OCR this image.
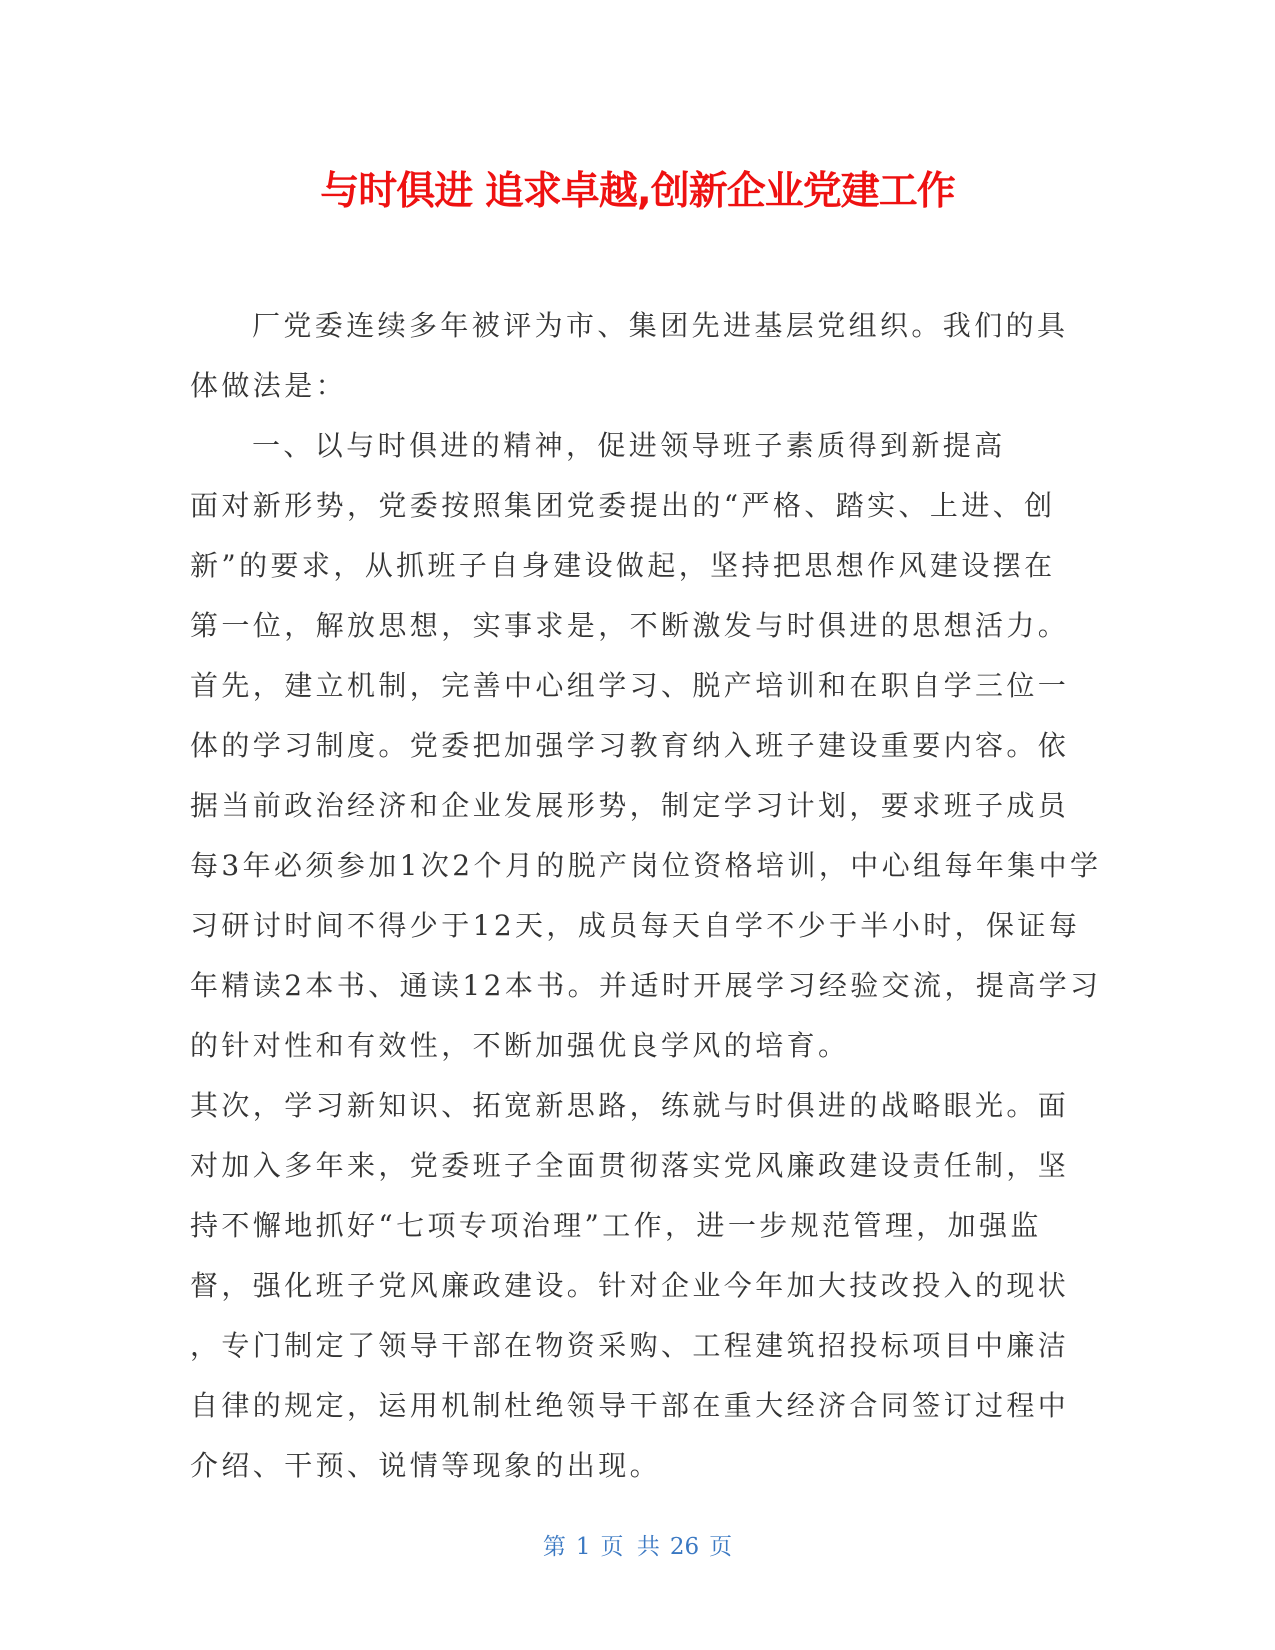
与时俱进 追求卓越,创新企业党建工作
厂党委连续多年被评为市、集团先进基层党组织。我们的具
体做法是：
一、以与时俱进的精神，促进领导班子素质得到新提高
面对新形势，党委按照集团党委提出的“严格、踏实、上进、创
新”的要求，从抓班子自身建设做起，坚持把思想作风建设摆在
第一位，解放思想，实事求是，不断激发与时俱进的思想活力。
首先，建立机制，完善中心组学习、脱产培训和在职自学三位一
体的学习制度。党委把加强学习教育纳入班子建设重要内容。依
据当前政治经济和企业发展形势，制定学习计划，要求班子成员
每3年必须参加1次2个月的脱产岗位资格培训，中心组每年集中学
习研讨时间不得少于12天，成员每天自学不少于半小时，保证每
年精读2本书、通读12本书。并适时开展学习经验交流，提高学习
的针对性和有效性，不断加强优良学风的培育。
其次，学习新知识、拓宽新思路，练就与时俱进的战略眼光。面
对加入多年来，党委班子全面贯彻落实党风廉政建设责任制，坚
持不懈地抓好“七项专项治理”工作，进一步规范管理，加强监
督，强化班子党风廉政建设。针对企业今年加大技改投入的现状
，专门制定了领导干部在物资采购、工程建筑招投标项目中廉洁
自律的规定，运用机制杜绝领导干部在重大经济合同签订过程中
介绍、干预、说情等现象的出现。
第 1 页 共 26 页
